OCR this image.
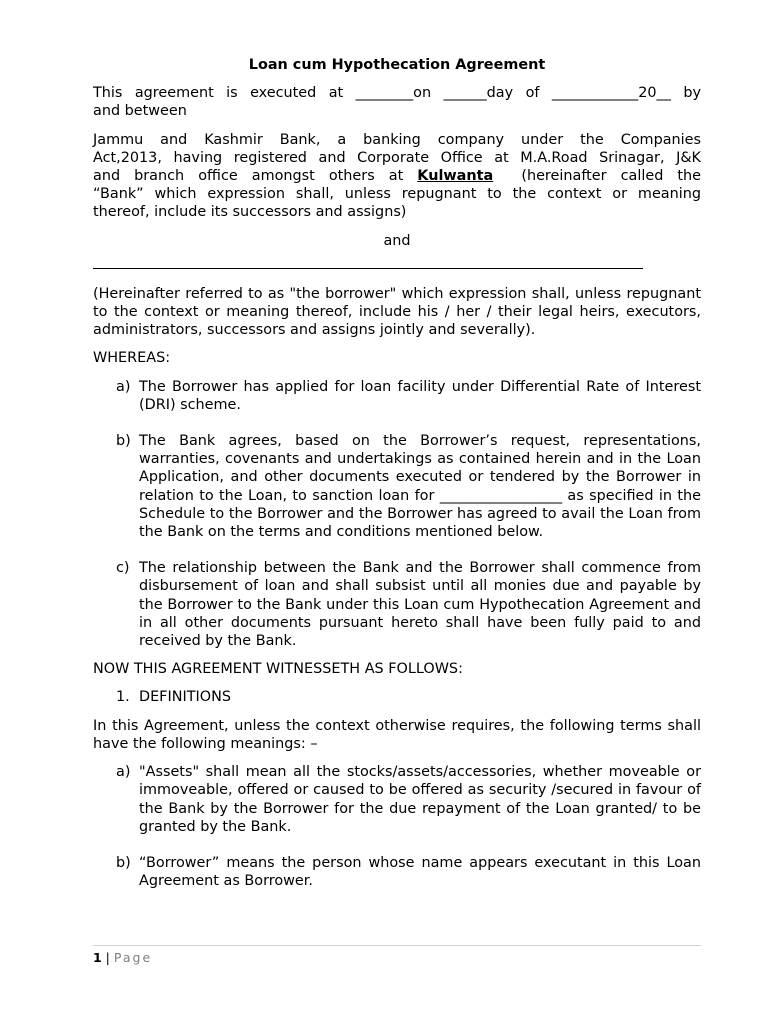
Loan cum Hypothecation Agreement

This agreement is executed at ________on ______day of ____________20__ by

and between

Jammu and Kashmir Bank, a banking company under the Companies

Act,2013, having registered and Corporate Office at M.A.Road Srinagar, J&K

and branch office amongst others at Kulwanta  (hereinafter called the

“Bank” which expression shall, unless repugnant to the context or meaning

thereof, include its successors and assigns)

and

(Hereinafter referred to as "the borrower" which expression shall, unless repugnant to the context or meaning thereof, include his / her / their legal heirs, executors, administrators, successors and assigns jointly and severally).

WHEREAS:

a) The Borrower has applied for loan facility under Differential Rate of Interest (DRI) scheme.
b) The Bank agrees, based on the Borrower’s request, representations, warranties, covenants and undertakings as contained herein and in the Loan Application, and other documents executed or tendered by the Borrower in relation to the Loan, to sanction loan for _________________ as specified in the Schedule to the Borrower and the Borrower has agreed to avail the Loan from the Bank on the terms and conditions mentioned below.
c) The relationship between the Bank and the Borrower shall commence from disbursement of loan and shall subsist until all monies due and payable by the Borrower to the Bank under this Loan cum Hypothecation Agreement and in all other documents pursuant hereto shall have been fully paid to and received by the Bank.

NOW THIS AGREEMENT WITNESSETH AS FOLLOWS:

1. DEFINITIONS

In this Agreement, unless the context otherwise requires, the following terms shall have the following meanings: –

a) "Assets" shall mean all the stocks/assets/accessories, whether moveable or immoveable, offered or caused to be offered as security /secured in favour of the Bank by the Borrower for the due repayment of the Loan granted/ to be granted by the Bank.
b) “Borrower” means the person whose name appears executant in this Loan Agreement as Borrower.
1 | Page
